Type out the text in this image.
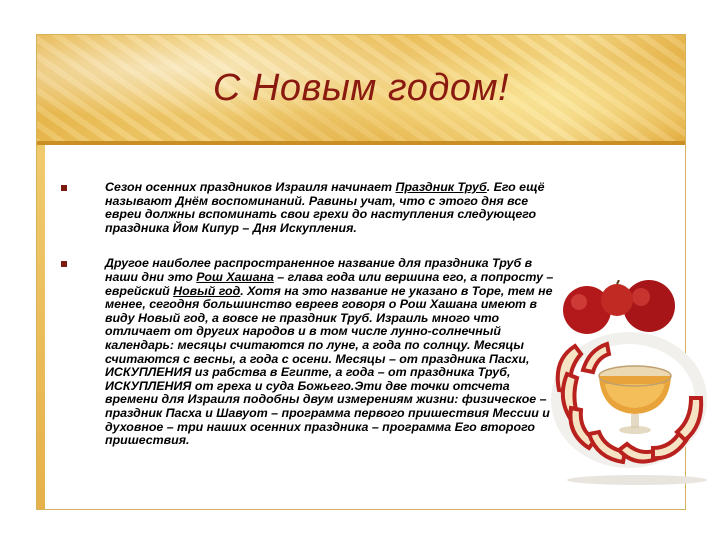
С Новым годом!
Сезон осенних праздников Израиля начинает Праздник Труб. Его ещё называют Днём воспоминаний. Равины учат, что с этого дня все евреи должны вспоминать свои грехи до наступления следующего праздника Йом Кипур – Дня Искупления.
Другое наиболее распространенное название для праздника Труб в наши дни это Рош Хашана – глава года или вершина его, а попросту – еврейский Новый год. Хотя на это название не указано в Торе, тем не менее, сегодня большинство евреев говоря о Рош Хашана имеют в виду Новый год, а вовсе не праздник Труб. Израиль много что отличает от других народов и в том числе лунно-солнечный календарь: месяцы считаются по луне, а года по солнцу. Месяцы считаются с весны, а года с осени. Месяцы – от праздника Пасхи, ИСКУПЛЕНИЯ из рабства в Египте, а года – от праздника Труб, ИСКУПЛЕНИЯ от греха и суда Божьего.Эти две точки отсчета времени для Израиля подобны двум измерениям жизни: физическое – праздник Пасха и Шавуот – программа первого пришествия Мессии и духовное – три наших осенних праздника – программа Его второго пришествия.
